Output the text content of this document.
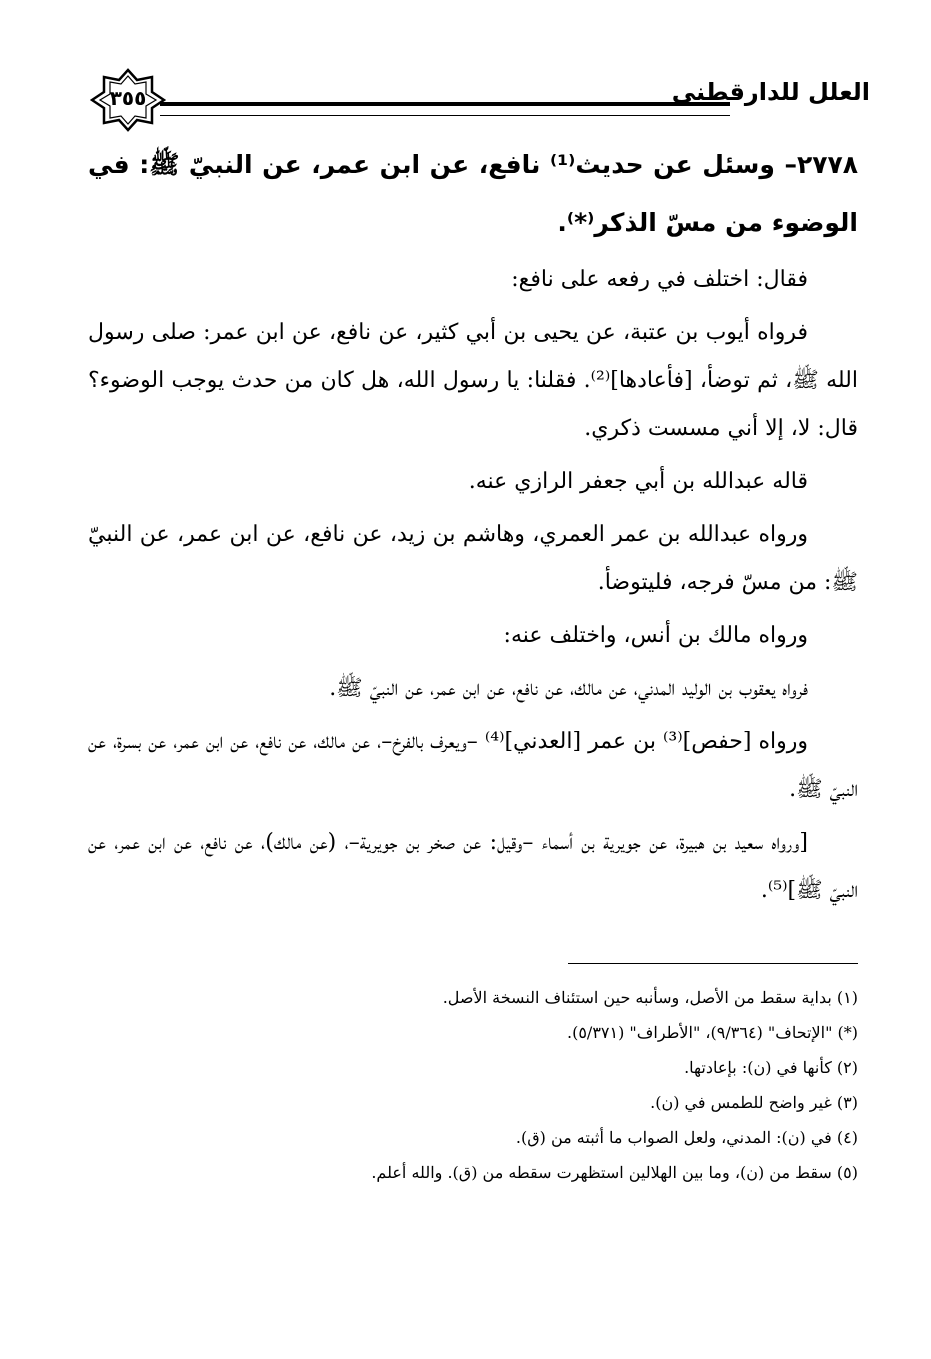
العلل للدارقطني
٣٥٥

٢٧٧٨– وسئل عن حديث⁽¹⁾ نافع، عن ابن عمر، عن النبيّ ﷺ: في الوضوء من مسّ الذكر⁽*⁾.

فقال: اختلف في رفعه على نافع:

فرواه أيوب بن عتبة، عن يحيى بن أبي كثير، عن نافع، عن ابن عمر: صلى رسول الله ﷺ، ثم توضأ، [فأعادها]⁽²⁾. فقلنا: يا رسول الله، هل كان من حدث يوجب الوضوء؟ قال: لا، إلا أني مسست ذكري.

قاله عبدالله بن أبي جعفر الرازي عنه.

ورواه عبدالله بن عمر العمري، وهاشم بن زيد، عن نافع، عن ابن عمر، عن النبيّ ﷺ: من مسّ فرجه، فليتوضأ.

ورواه مالك بن أنس، واختلف عنه:

فرواه يعقوب بن الوليد المدني، عن مالك، عن نافع، عن ابن عمر، عن النبيّ ﷺ.

ورواه [حفص]⁽³⁾ بن عمر [العدني]⁽⁴⁾ –ويعرف بالفرخ–، عن مالك، عن نافع، عن ابن عمر، عن بسرة، عن النبيّ ﷺ.

[ورواه سعيد بن هبيرة، عن جويرية بن أسماء –وقيل: عن صخر بن جويرية–، (عن مالك)، عن نافع، عن ابن عمر، عن النبيّ ﷺ]⁽⁵⁾.

(١) بداية سقط من الأصل، وسأنبه حين استئناف النسخة الأصل.

(*) "الإتحاف" (٩/٣٦٤)، "الأطراف" (٥/٣٧١).

(٢) كأنها في (ن): بإعادتها.

(٣) غير واضح للطمس في (ن).

(٤) في (ن): المدني، ولعل الصواب ما أثبته من (ق).

(٥) سقط من (ن)، وما بين الهلالين استظهرت سقطه من (ق). والله أعلم.
